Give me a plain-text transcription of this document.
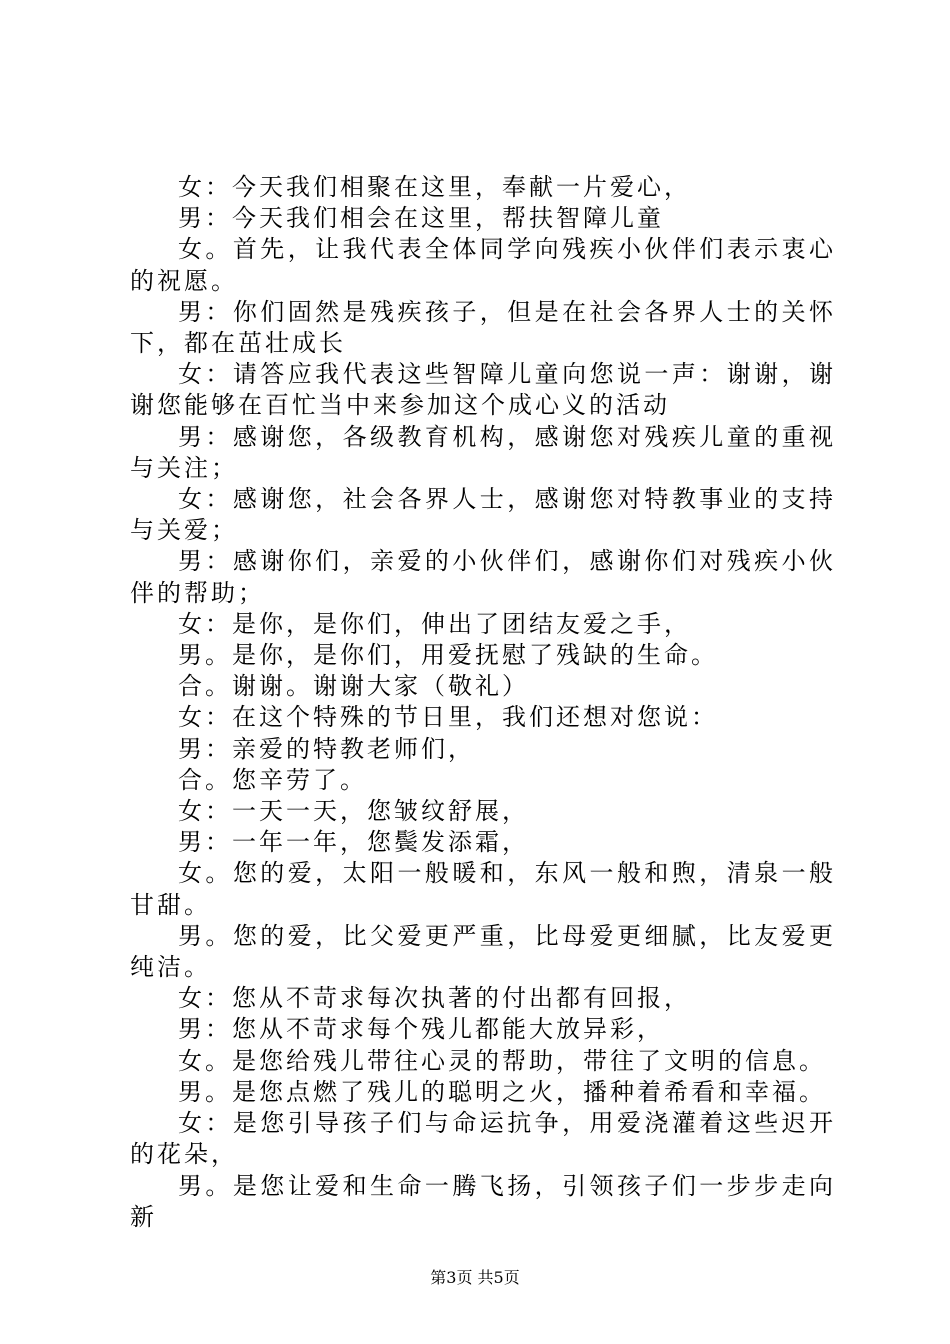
女：今天我们相聚在这里，奉献一片爱心，

男：今天我们相会在这里，帮扶智障儿童

女。首先，让我代表全体同学向残疾小伙伴们表示衷心的祝愿。

男：你们固然是残疾孩子，但是在社会各界人士的关怀下，都在茁壮成长

女：请答应我代表这些智障儿童向您说一声：谢谢，谢谢您能够在百忙当中来参加这个成心义的活动

男：感谢您，各级教育机构，感谢您对残疾儿童的重视与关注；

女：感谢您，社会各界人士，感谢您对特教事业的支持与关爱；

男：感谢你们，亲爱的小伙伴们，感谢你们对残疾小伙伴的帮助；

女：是你，是你们，伸出了团结友爱之手，

男。是你，是你们，用爱抚慰了残缺的生命。

合。谢谢。谢谢大家（敬礼）

女：在这个特殊的节日里，我们还想对您说：

男：亲爱的特教老师们，

合。您辛劳了。

女：一天一天，您皱纹舒展，

男：一年一年，您鬓发添霜，

女。您的爱，太阳一般暖和，东风一般和煦，清泉一般甘甜。

男。您的爱，比父爱更严重，比母爱更细腻，比友爱更纯洁。

女：您从不苛求每次执著的付出都有回报，

男：您从不苛求每个残儿都能大放异彩，

女。是您给残儿带往心灵的帮助，带往了文明的信息。

男。是您点燃了残儿的聪明之火，播种着希看和幸福。

女：是您引导孩子们与命运抗争，用爱浇灌着这些迟开的花朵，

男。是您让爱和生命一腾飞扬，引领孩子们一步步走向新

第3页 共5页
